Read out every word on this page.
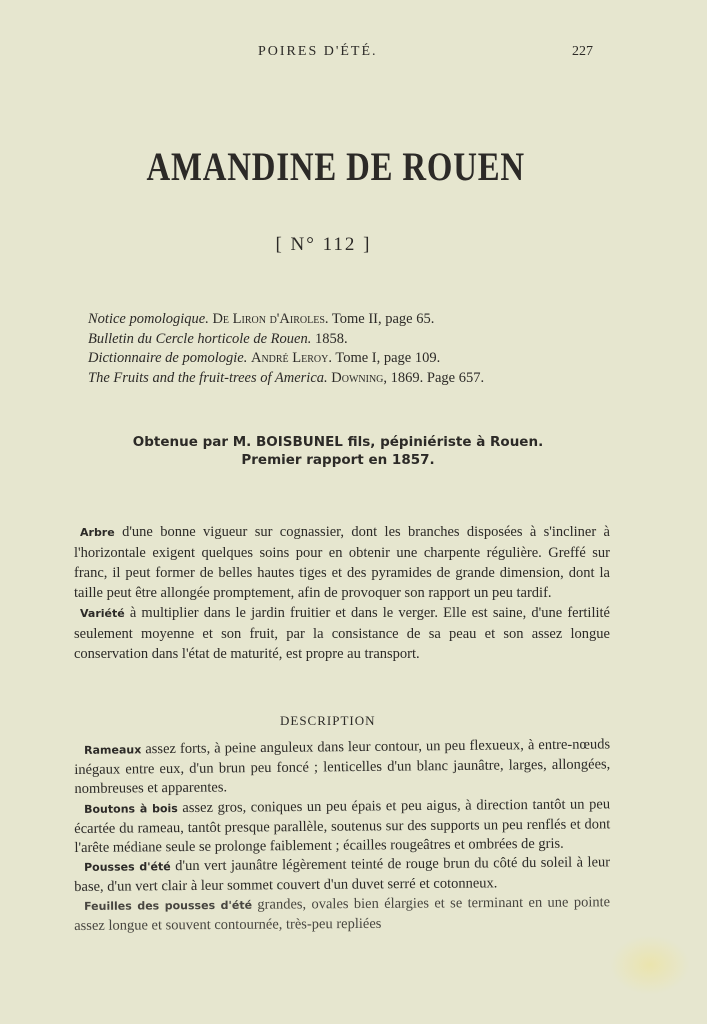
POIRES D'ÉTÉ.	227
AMANDINE DE ROUEN
[ N° 112 ]
Notice pomologique. De Liron d'Airoles. Tome II, page 65.
Bulletin du Cercle horticole de Rouen. 1858.
Dictionnaire de pomologie. André Leroy. Tome I, page 109.
The Fruits and the fruit-trees of America. Downing, 1869. Page 657.
Obtenue par M. BOISBUNEL fils, pépiniériste à Rouen.
Premier rapport en 1857.

Arbre d'une bonne vigueur sur cognassier, dont les branches disposées à s'incliner à l'horizontale exigent quelques soins pour en obtenir une charpente régulière. Greffé sur franc, il peut former de belles hautes tiges et des pyramides de grande dimension, dont la taille peut être allongée promptement, afin de provoquer son rapport un peu tardif.

Variété à multiplier dans le jardin fruitier et dans le verger. Elle est saine, d'une fertilité seulement moyenne et son fruit, par la consistance de sa peau et son assez longue conservation dans l'état de maturité, est propre au transport.

DESCRIPTION

Rameaux assez forts, à peine anguleux dans leur contour, un peu flexueux, à entre-nœuds inégaux entre eux, d'un brun peu foncé ; lenticelles d'un blanc jaunâtre, larges, allongées, nombreuses et apparentes.

Boutons à bois assez gros, coniques un peu épais et peu aigus, à direction tantôt un peu écartée du rameau, tantôt presque parallèle, soutenus sur des supports un peu renflés et dont l'arête médiane seule se prolonge faiblement ; écailles rougeâtres et ombrées de gris.

Pousses d'été d'un vert jaunâtre légèrement teinté de rouge brun du côté du soleil à leur base, d'un vert clair à leur sommet couvert d'un duvet serré et cotonneux.

Feuilles des pousses d'été grandes, ovales bien élargies et se terminant en une pointe assez longue et souvent contournée, très-peu repliées
